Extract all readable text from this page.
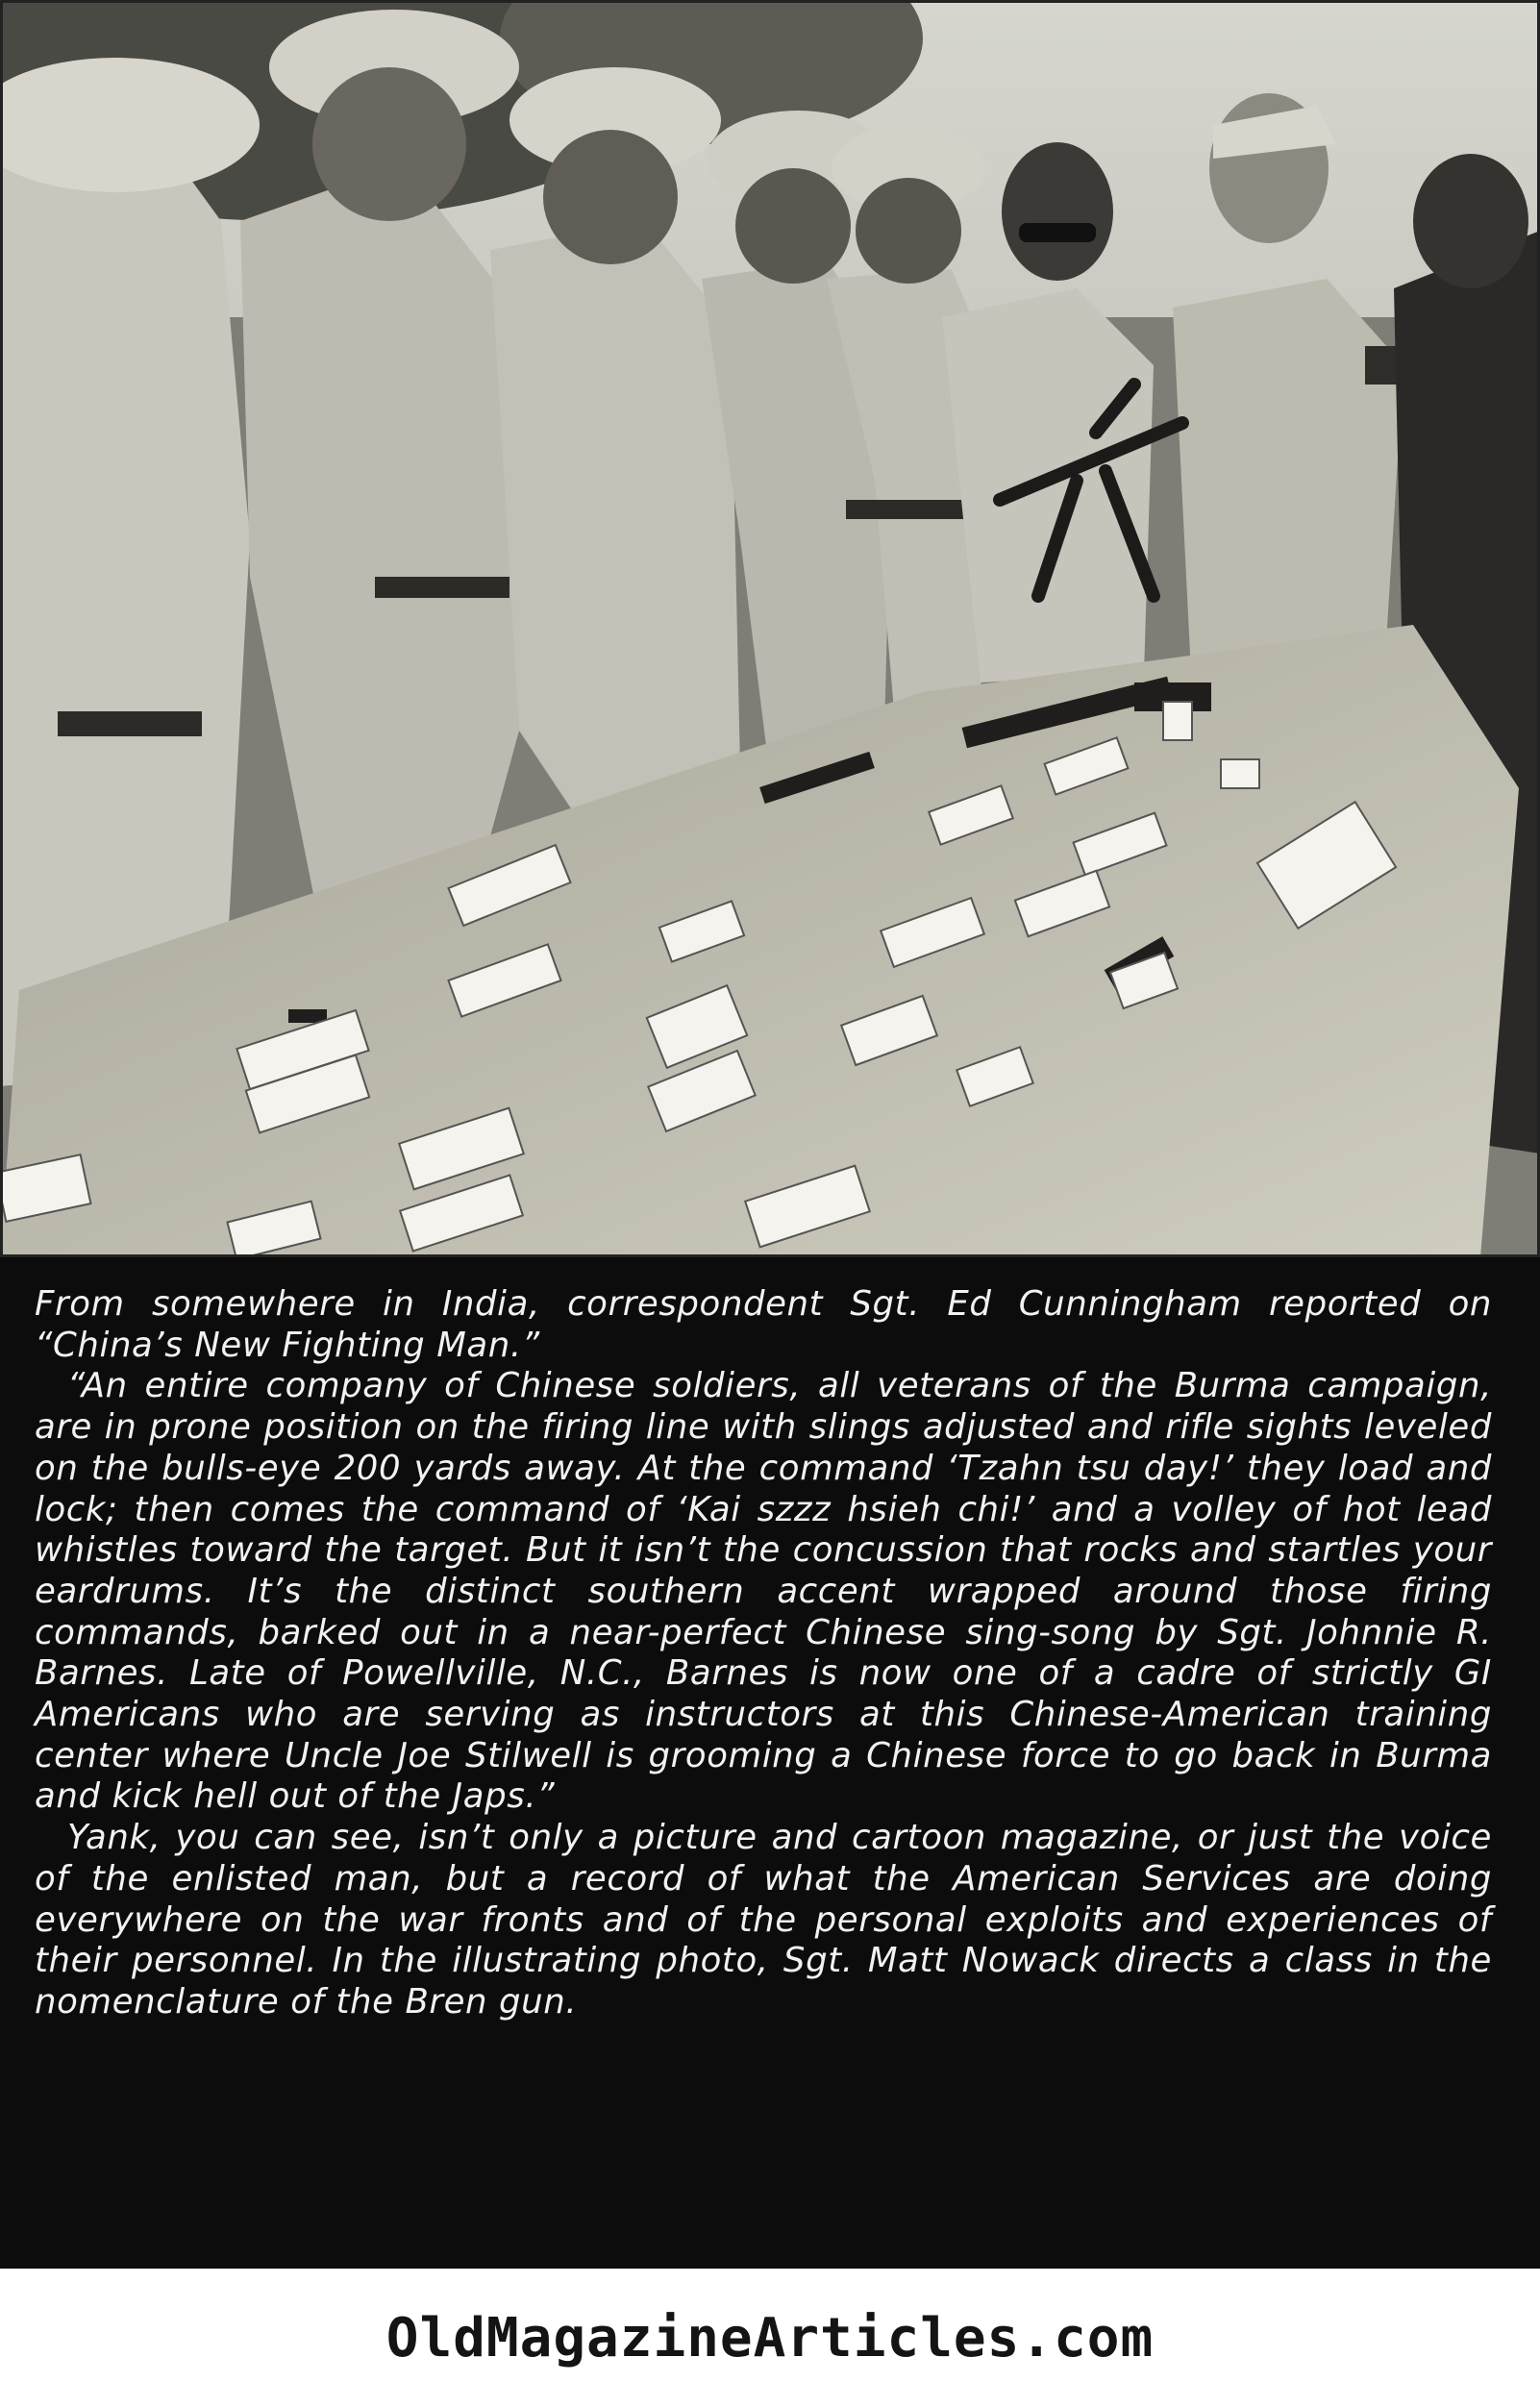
From somewhere in India, correspondent Sgt. Ed Cunningham reported on “China’s New Fighting Man.”

“An entire company of Chinese soldiers, all veterans of the Burma campaign, are in prone position on the firing line with slings adjusted and rifle sights leveled on the bulls-eye 200 yards away. At the command ‘Tzahn tsu day!’ they load and lock; then comes the command of ‘Kai szzz hsieh chi!’ and a volley of hot lead whistles toward the target. But it isn’t the concussion that rocks and startles your eardrums. It’s the distinct southern accent wrapped around those firing commands, barked out in a near-perfect Chinese sing-song by Sgt. Johnnie R. Barnes. Late of Powellville, N.C., Barnes is now one of a cadre of strictly GI Americans who are serving as instructors at this Chinese-American training center where Uncle Joe Stilwell is grooming a Chinese force to go back in Burma and kick hell out of the Japs.”

Yank, you can see, isn’t only a picture and cartoon magazine, or just the voice of the enlisted man, but a record of what the American Services are doing everywhere on the war fronts and of the personal exploits and experiences of their personnel. In the illustrating photo, Sgt. Matt Nowack directs a class in the nomenclature of the Bren gun.

OldMagazineArticles.com
